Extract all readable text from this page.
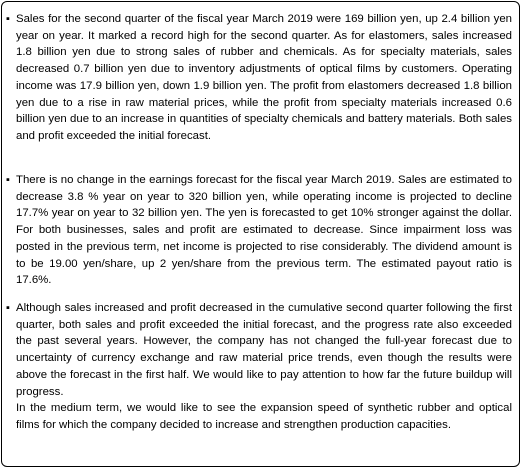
▪ Sales for the second quarter of the fiscal year March 2019 were 169 billion yen, up 2.4 billion yen year on year. It marked a record high for the second quarter. As for elastomers, sales increased 1.8 billion yen due to strong sales of rubber and chemicals. As for specialty materials, sales decreased 0.7 billion yen due to inventory adjustments of optical films by customers. Operating income was 17.9 billion yen, down 1.9 billion yen. The profit from elastomers decreased 1.8 billion yen due to a rise in raw material prices, while the profit from specialty materials increased 0.6 billion yen due to an increase in quantities of specialty chemicals and battery materials. Both sales and profit exceeded the initial forecast.

▪ There is no change in the earnings forecast for the fiscal year March 2019. Sales are estimated to decrease 3.8 % year on year to 320 billion yen, while operating income is projected to decline 17.7% year on year to 32 billion yen. The yen is forecasted to get 10% stronger against the dollar. For both businesses, sales and profit are estimated to decrease. Since impairment loss was posted in the previous term, net income is projected to rise considerably. The dividend amount is to be 19.00 yen/share, up 2 yen/share from the previous term. The estimated payout ratio is 17.6%.

▪ Although sales increased and profit decreased in the cumulative second quarter following the first quarter, both sales and profit exceeded the initial forecast, and the progress rate also exceeded the past several years. However, the company has not changed the full-year forecast due to uncertainty of currency exchange and raw material price trends, even though the results were above the forecast in the first half. We would like to pay attention to how far the future buildup will progress.
In the medium term, we would like to see the expansion speed of synthetic rubber and optical films for which the company decided to increase and strengthen production capacities.
